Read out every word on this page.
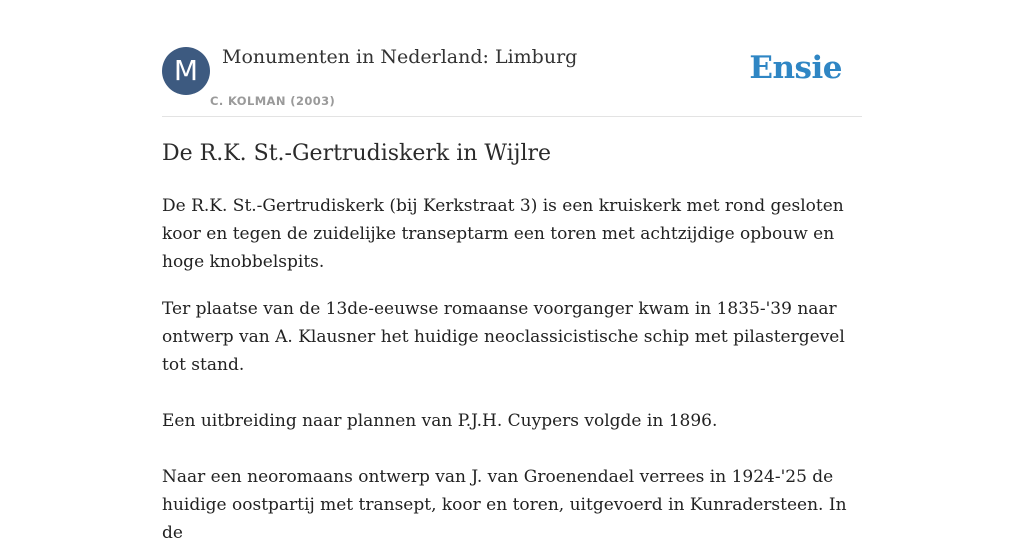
M	Monumenten in Nederland: Limburg
C. KOLMAN (2003)
Ensie
De R.K. St.-Gertrudiskerk in Wijlre

De R.K. St.-Gertrudiskerk (bij Kerkstraat 3) is een kruiskerk met rond gesloten koor en tegen de zuidelijke transeptarm een toren met achtzijdige opbouw en hoge knobbelspits.

Ter plaatse van de 13de-eeuwse romaanse voorganger kwam in 1835-'39 naar ontwerp van A. Klausner het huidige neoclassicistische schip met pilastergevel tot stand.

Een uitbreiding naar plannen van P.J.H. Cuypers volgde in 1896.

Naar een neoromaans ontwerp van J. van Groenendael verrees in 1924-'25 de huidige oostpartij met transept, koor en toren, uitgevoerd in Kunradersteen. In de
